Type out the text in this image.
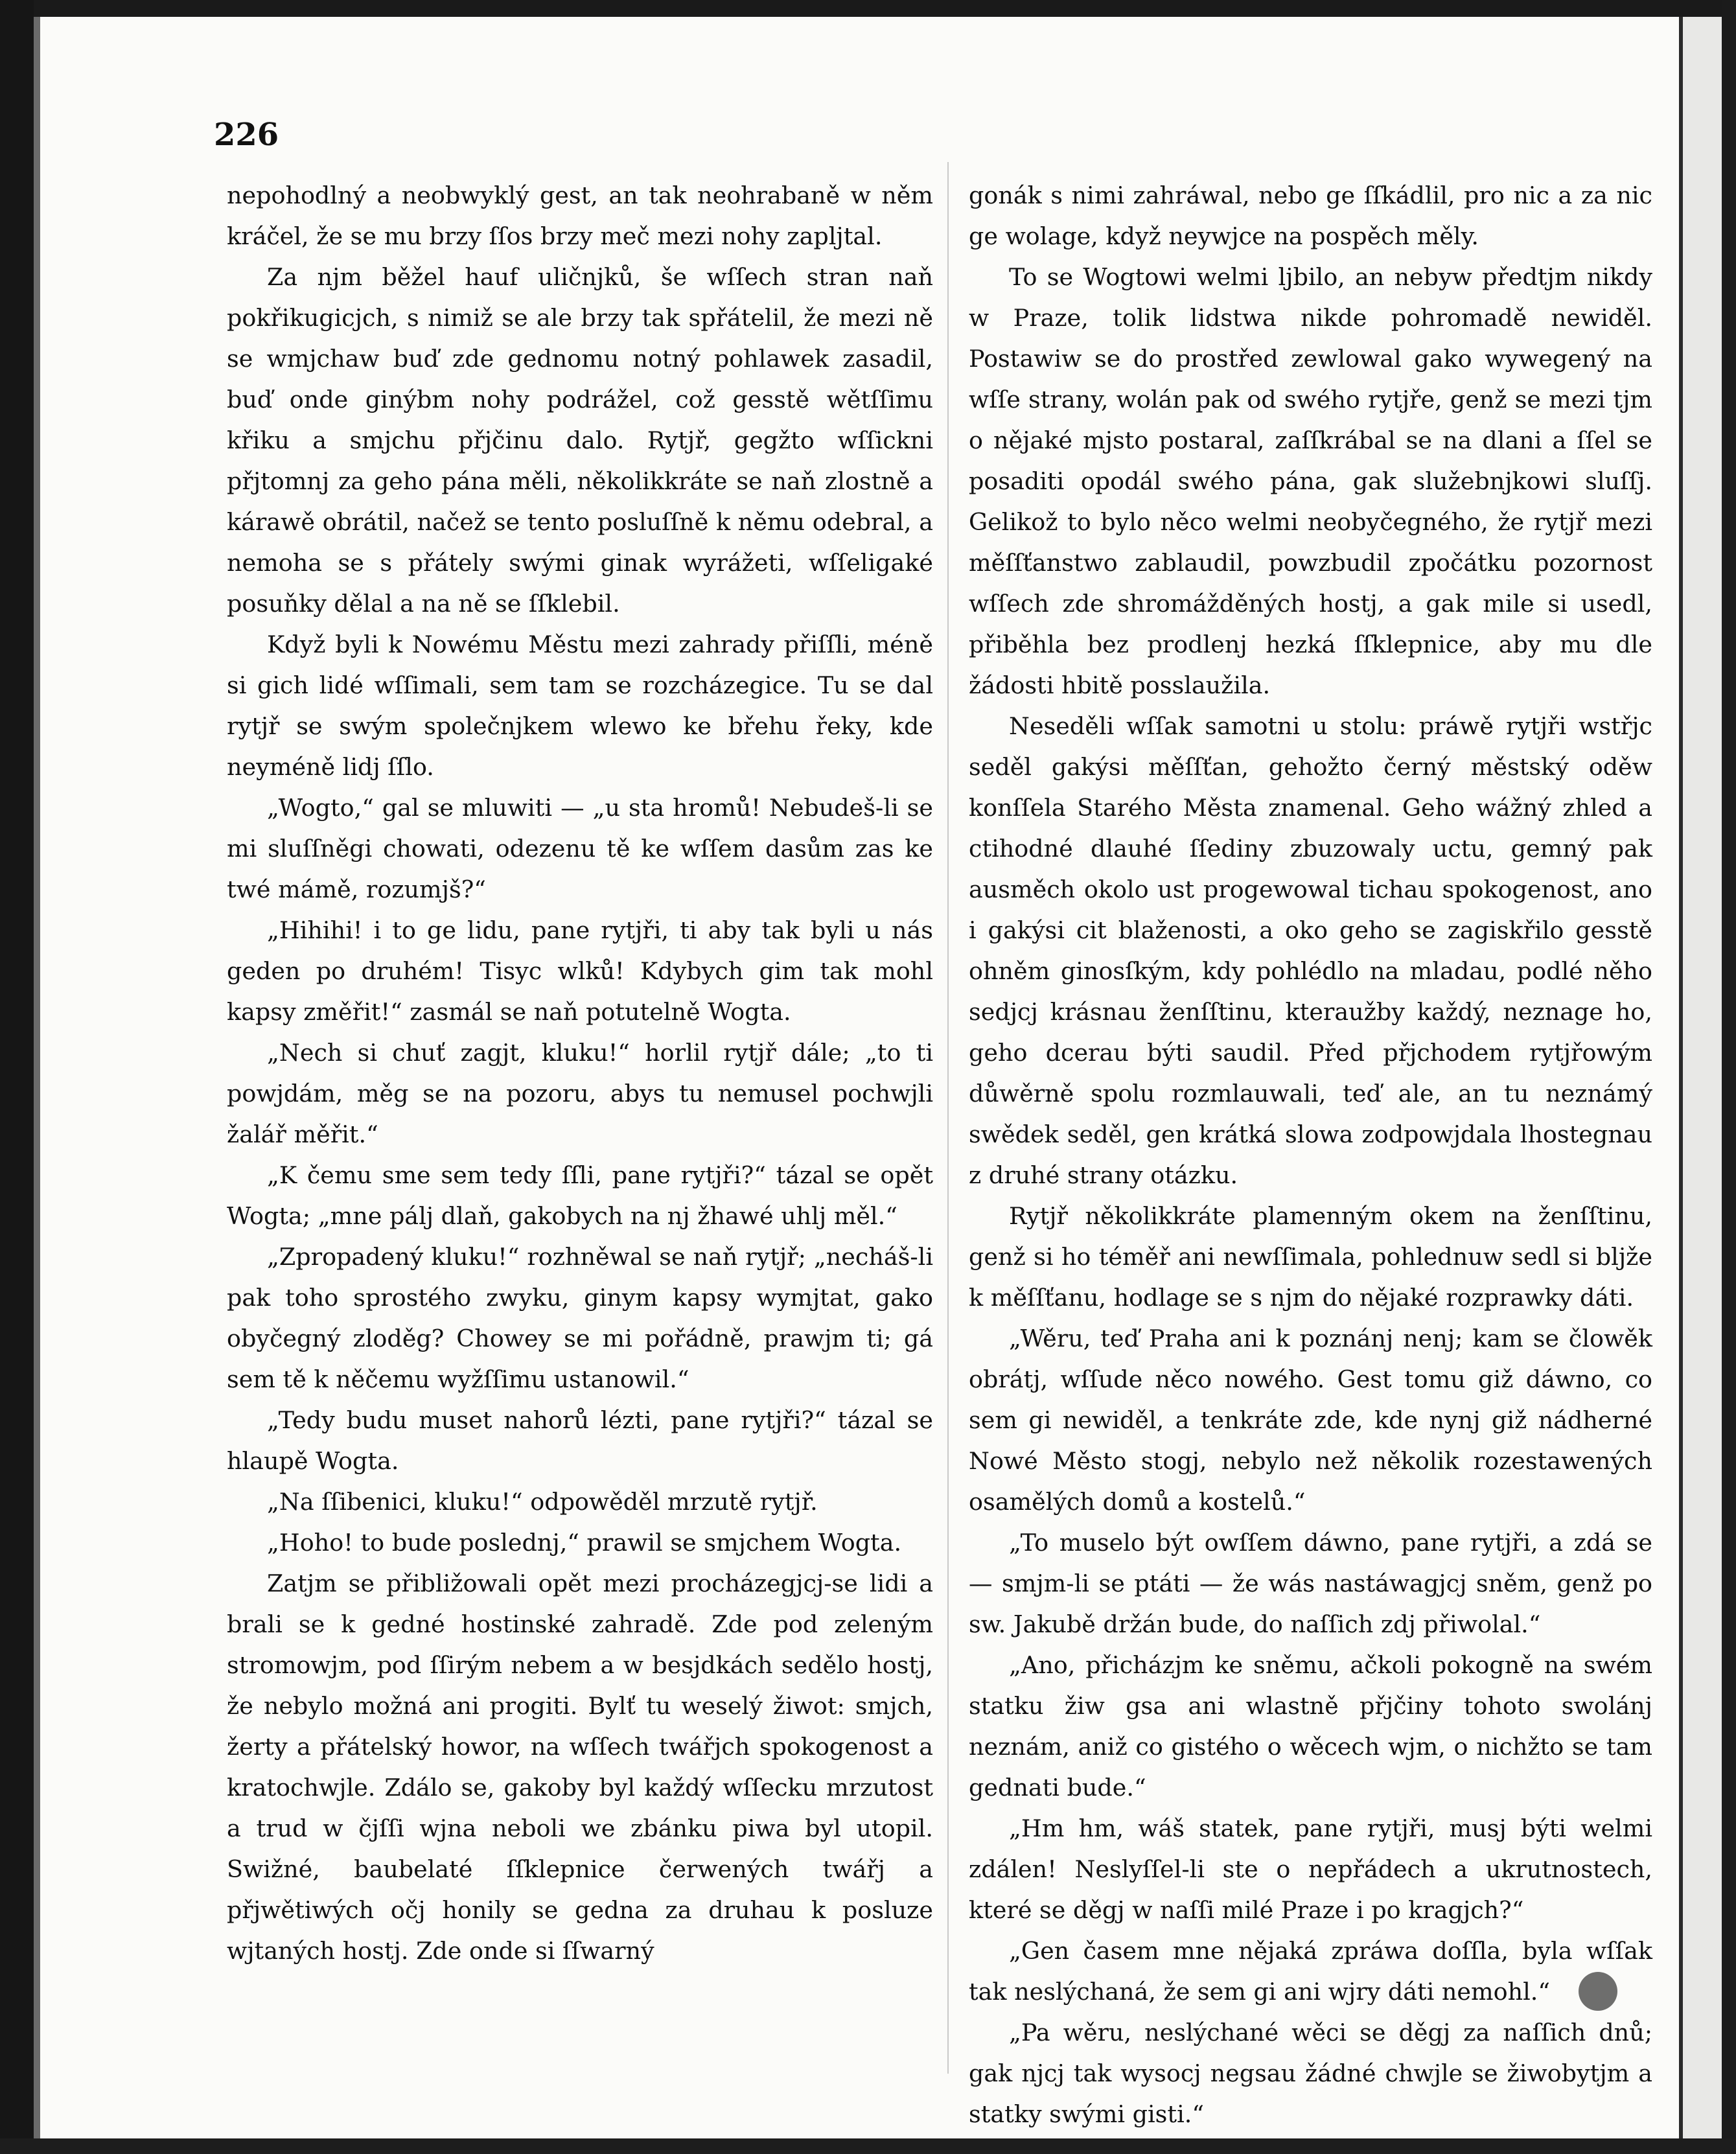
226

nepohodlný a neobwyklý gest, an tak neohrabaně w něm kráčel, že se mu brzy ſſos brzy meč mezi nohy zapljtal.

Za njm běžel hauf uličnjků, še wſſech stran naň pokřikugicjch, s nimiž se ale brzy tak spřátelil, že mezi ně se wmjchaw buď zde gednomu notný pohlawek zasadil, buď onde ginýbm nohy podrážel, což gesstě wětſſimu křiku a smjchu přjčinu dalo. Rytjř, gegžto wſſickni přjtomnj za geho pána měli, několikkráte se naň zlostně a kárawě obrátil, načež se tento posluſſně k němu odebral, a nemoha se s přátely swými ginak wyrážeti, wſſeligaké posuňky dělal a na ně se ſſklebil.

Když byli k Nowému Městu mezi zahrady přiſſli, méně si gich lidé wſſimali, sem tam se rozcházegice. Tu se dal rytjř se swým společnjkem wlewo ke břehu řeky, kde neyméně lidj ſſlo.

„Wogto,“ gal se mluwiti — „u sta hromů! Nebudeš-li se mi sluſſněgi chowati, odezenu tě ke wſſem dasům zas ke twé mámě, rozumjš?“

„Hihihi! i to ge lidu, pane rytjři, ti aby tak byli u nás geden po druhém! Tisyc wlků! Kdybych gim tak mohl kapsy změřit!“ zasmál se naň potutelně Wogta.

„Nech si chuť zagjt, kluku!“ horlil rytjř dále; „to ti powjdám, měg se na pozoru, abys tu nemusel pochwjli žalář měřit.“

„K čemu sme sem tedy ſſli, pane rytjři?“ tázal se opět Wogta; „mne pálj dlaň, gakobych na nj žhawé uhlj měl.“

„Zpropadený kluku!“ rozhněwal se naň rytjř; „necháš-li pak toho sprostého zwyku, ginym kapsy wymjtat, gako obyčegný zloděg? Chowey se mi pořádně, prawjm ti; gá sem tě k něčemu wyžſſimu ustanowil.“

„Tedy budu muset nahorů lézti, pane rytjři?“ tázal se hlaupě Wogta.

„Na ſſibenici, kluku!“ odpowěděl mrzutě rytjř.

„Hoho! to bude poslednj,“ prawil se smjchem Wogta.

Zatjm se přibližowali opět mezi procházegjcj-se lidi a brali se k gedné hostinské zahradě. Zde pod zeleným stromowjm, pod ſſirým nebem a w besjdkách sedělo hostj, že nebylo možná ani progiti. Bylť tu weselý žiwot: smjch, žerty a přátelský howor, na wſſech twářjch spokogenost a kratochwjle. Zdálo se, gakoby byl každý wſſecku mrzutost a trud w čjſſi wjna neboli we zbánku piwa byl utopil. Swižné, baubelaté ſſklepnice čerwených twářj a přjwětiwých očj honily se gedna za druhau k posluze wjtaných hostj. Zde onde si ſſwarný

gonák s nimi zahráwal, nebo ge ſſkádlil, pro nic a za nic ge wolage, když neywjce na pospěch měly.

To se Wogtowi welmi ljbilo, an nebyw předtjm nikdy w Praze, tolik lidstwa nikde pohromadě newiděl. Postawiw se do prostřed zewlowal gako wywegený na wſſe strany, wolán pak od swého rytjře, genž se mezi tjm o nějaké mjsto postaral, zaſſkrábal se na dlani a ſſel se posaditi opodál swého pána, gak služebnjkowi sluſſj. Gelikož to bylo něco welmi neobyčegného, že rytjř mezi měſſťanstwo zablaudil, powzbudil zpočátku pozornost wſſech zde shromážděných hostj, a gak mile si usedl, přiběhla bez prodlenj hezká ſſklepnice, aby mu dle žádosti hbitě posslaužila.

Neseděli wſſak samotni u stolu: práwě rytjři wstřjc seděl gakýsi měſſťan, gehožto černý městský oděw konſſela Starého Města znamenal. Geho wážný zhled a ctihodné dlauhé ſſediny zbuzowaly uctu, gemný pak ausměch okolo ust progewowal tichau spokogenost, ano i gakýsi cit blaženosti, a oko geho se zagiskřilo gesstě ohněm ginosſkým, kdy pohlédlo na mladau, podlé něho sedjcj krásnau ženſſtinu, kteraužby každý, neznage ho, geho dcerau býti saudil. Před přjchodem rytjřowým důwěrně spolu rozmlauwali, teď ale, an tu neznámý swědek seděl, gen krátká slowa zodpowjdala lhostegnau z druhé strany otázku.

Rytjř několikkráte plamenným okem na ženſſtinu, genž si ho téměř ani newſſimala, pohlednuw sedl si bljže k měſſťanu, hodlage se s njm do nějaké rozprawky dáti.

„Wěru, teď Praha ani k poznánj nenj; kam se člowěk obrátj, wſſude něco nowého. Gest tomu giž dáwno, co sem gi newiděl, a tenkráte zde, kde nynj giž nádherné Nowé Město stogj, nebylo než několik rozestawených osamělých domů a kostelů.“

„To muselo být owſſem dáwno, pane rytjři, a zdá se — smjm-li se ptáti — že wás nastáwagjcj sněm, genž po sw. Jakubě držán bude, do naſſich zdj přiwolal.“

„Ano, přicházjm ke sněmu, ačkoli pokogně na swém statku žiw gsa ani wlastně přjčiny tohoto swolánj neznám, aniž co gistého o wěcech wjm, o nichžto se tam gednati bude.“

„Hm hm, wáš statek, pane rytjři, musj býti welmi zdálen! Neslyſſel-li ste o nepřádech a ukrutnostech, které se děgj w naſſi milé Praze i po kragjch?“

„Gen časem mne nějaká zpráwa doſſla, byla wſſak tak neslýchaná, že sem gi ani wjry dáti nemohl.“

„Pa wěru, neslýchané wěci se děgj za naſſich dnů; gak njcj tak wysocj negsau žádné chwjle se žiwobytjm a statky swými gisti.“
